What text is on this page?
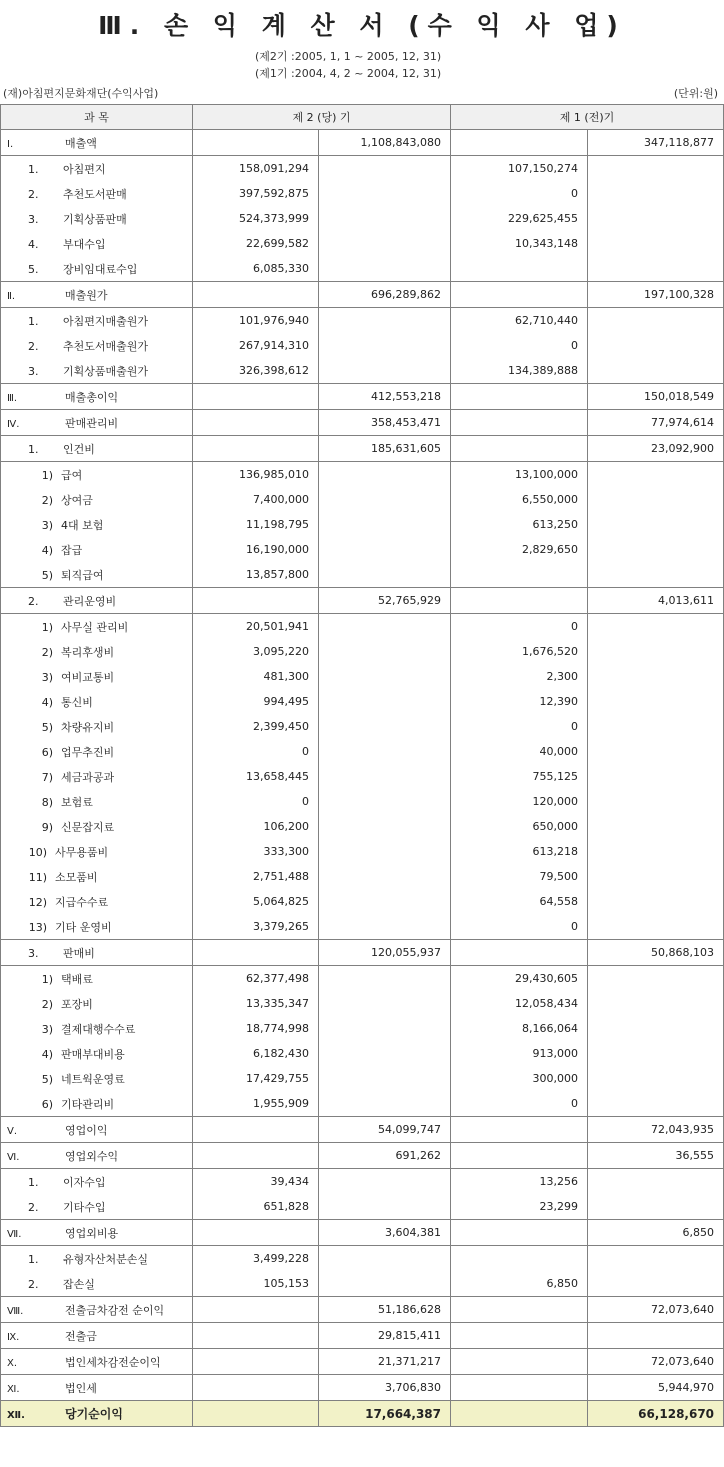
Ⅲ. 손 익 계 산 서 (수 익 사 업)
(제2기 :2005, 1, 1 ~ 2005, 12, 31)
(제1기 :2004, 4, 2 ~ 2004, 12, 31)
(재)아침편지문화재단(수익사업)	(단위:원)
과 목	제 2 (당) 기		제 1 (전)기	
Ⅰ. 매출액		1,108,843,080		347,118,877
1. 아침편지	158,091,294		107,150,274	
2. 추천도서판매	397,592,875		0	
3. 기획상품판매	524,373,999		229,625,455	
4. 부대수입	22,699,582		10,343,148	
5. 장비임대료수입	6,085,330			
Ⅱ. 매출원가		696,289,862		197,100,328
1. 아침편지매출원가	101,976,940		62,710,440	
2. 추천도서매출원가	267,914,310		0	
3. 기획상품매출원가	326,398,612		134,389,888	
Ⅲ. 매출총이익		412,553,218		150,018,549
Ⅳ. 판매관리비		358,453,471		77,974,614
1. 인건비		185,631,605		23,092,900
1) 급여	136,985,010		13,100,000	
2) 상여금	7,400,000		6,550,000	
3) 4대 보험	11,198,795		613,250	
4) 잡급	16,190,000		2,829,650	
5) 퇴직급여	13,857,800			
2. 관리운영비		52,765,929		4,013,611
1) 사무실 관리비	20,501,941		0	
2) 복리후생비	3,095,220		1,676,520	
3) 여비교통비	481,300		2,300	
4) 통신비	994,495		12,390	
5) 차량유지비	2,399,450		0	
6) 업무추진비	0		40,000	
7) 세금과공과	13,658,445		755,125	
8) 보험료	0		120,000	
9) 신문잡지료	106,200		650,000	
10) 사무용품비	333,300		613,218	
11) 소모품비	2,751,488		79,500	
12) 지급수수료	5,064,825		64,558	
13) 기타 운영비	3,379,265		0	
3. 판매비		120,055,937		50,868,103
1) 택배료	62,377,498		29,430,605	
2) 포장비	13,335,347		12,058,434	
3) 결제대행수수료	18,774,998		8,166,064	
4) 판매부대비용	6,182,430		913,000	
5) 네트웍운영료	17,429,755		300,000	
6) 기타관리비	1,955,909		0	
Ⅴ. 영업이익		54,099,747		72,043,935
Ⅵ. 영업외수익		691,262		36,555
1. 이자수입	39,434		13,256	
2. 기타수입	651,828		23,299	
Ⅶ. 영업외비용		3,604,381		6,850
1. 유형자산처분손실	3,499,228			
2. 잡손실	105,153		6,850	
Ⅷ. 전출금차감전 순이익		51,186,628		72,073,640
Ⅸ. 전출금		29,815,411		
Ⅹ. 법인세차감전순이익		21,371,217		72,073,640
Ⅺ. 법인세		3,706,830		5,944,970
Ⅻ. 당기순이익		17,664,387		66,128,670
